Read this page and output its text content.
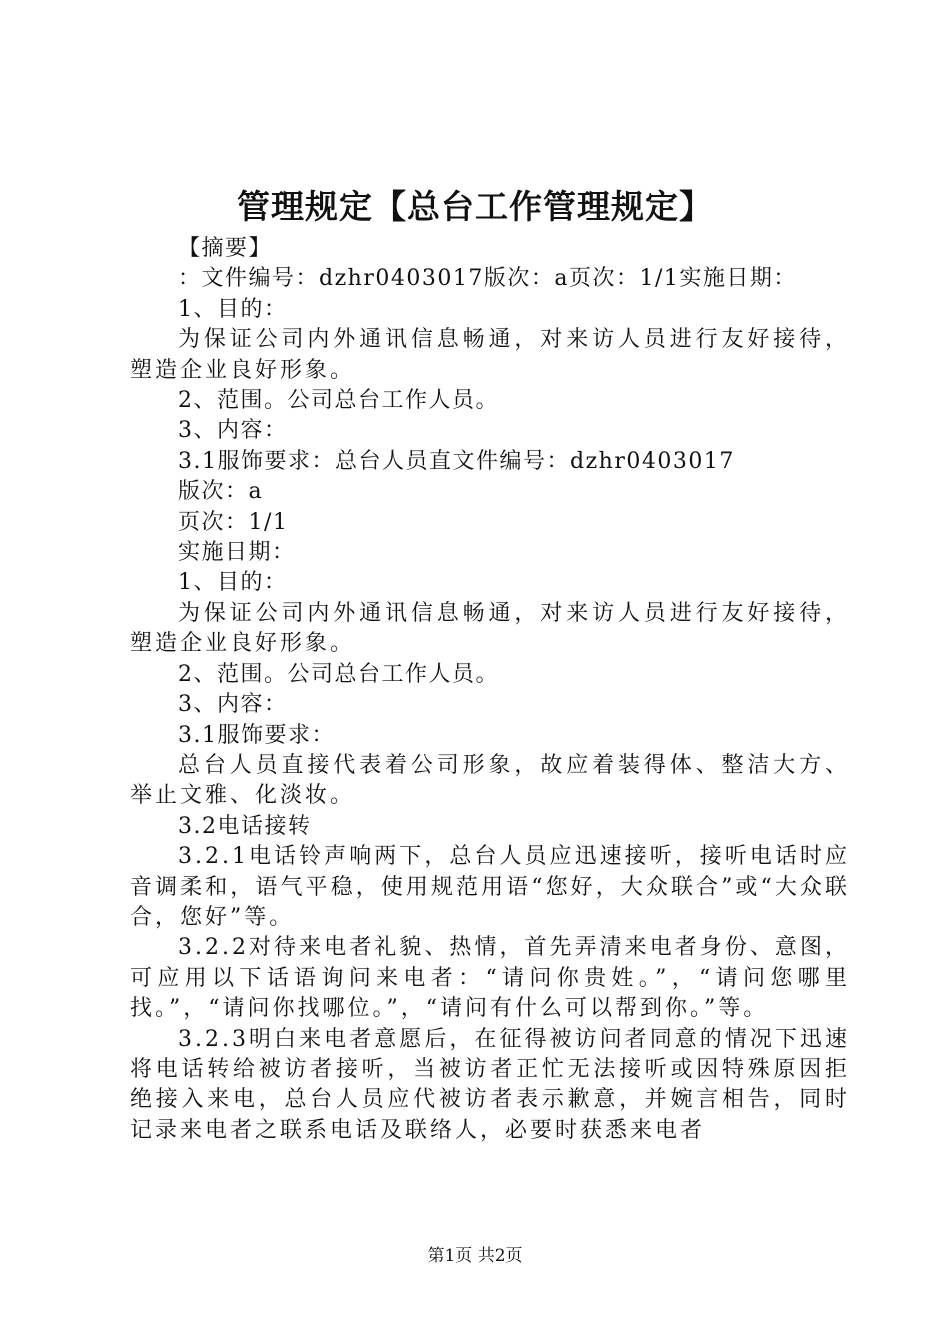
管理规定【总台工作管理规定】

【摘要】

：文件编号：dzhr0403017版次：a页次：1/1实施日期：

1、目的：

为保证公司内外通讯信息畅通，对来访人员进行友好接待，塑造企业良好形象。

2、范围。公司总台工作人员。

3、内容：

3.1服饰要求：总台人员直文件编号：dzhr0403017

版次：a

页次：1/1

实施日期：

1、目的：

为保证公司内外通讯信息畅通，对来访人员进行友好接待，塑造企业良好形象。

2、范围。公司总台工作人员。

3、内容：

3.1服饰要求：

总台人员直接代表着公司形象，故应着装得体、整洁大方、举止文雅、化淡妆。

3.2电话接转

3.2.1电话铃声响两下，总台人员应迅速接听，接听电话时应音调柔和，语气平稳，使用规范用语“您好，大众联合”或“大众联合，您好”等。

3.2.2对待来电者礼貌、热情，首先弄清来电者身份、意图，可应用以下话语询问来电者：“请问你贵姓。”，“请问您哪里找。”，“请问你找哪位。”，“请问有什么可以帮到你。”等。

3.2.3明白来电者意愿后，在征得被访问者同意的情况下迅速将电话转给被访者接听，当被访者正忙无法接听或因特殊原因拒绝接入来电，总台人员应代被访者表示歉意，并婉言相告，同时记录来电者之联系电话及联络人，必要时获悉来电者

第1页 共2页
